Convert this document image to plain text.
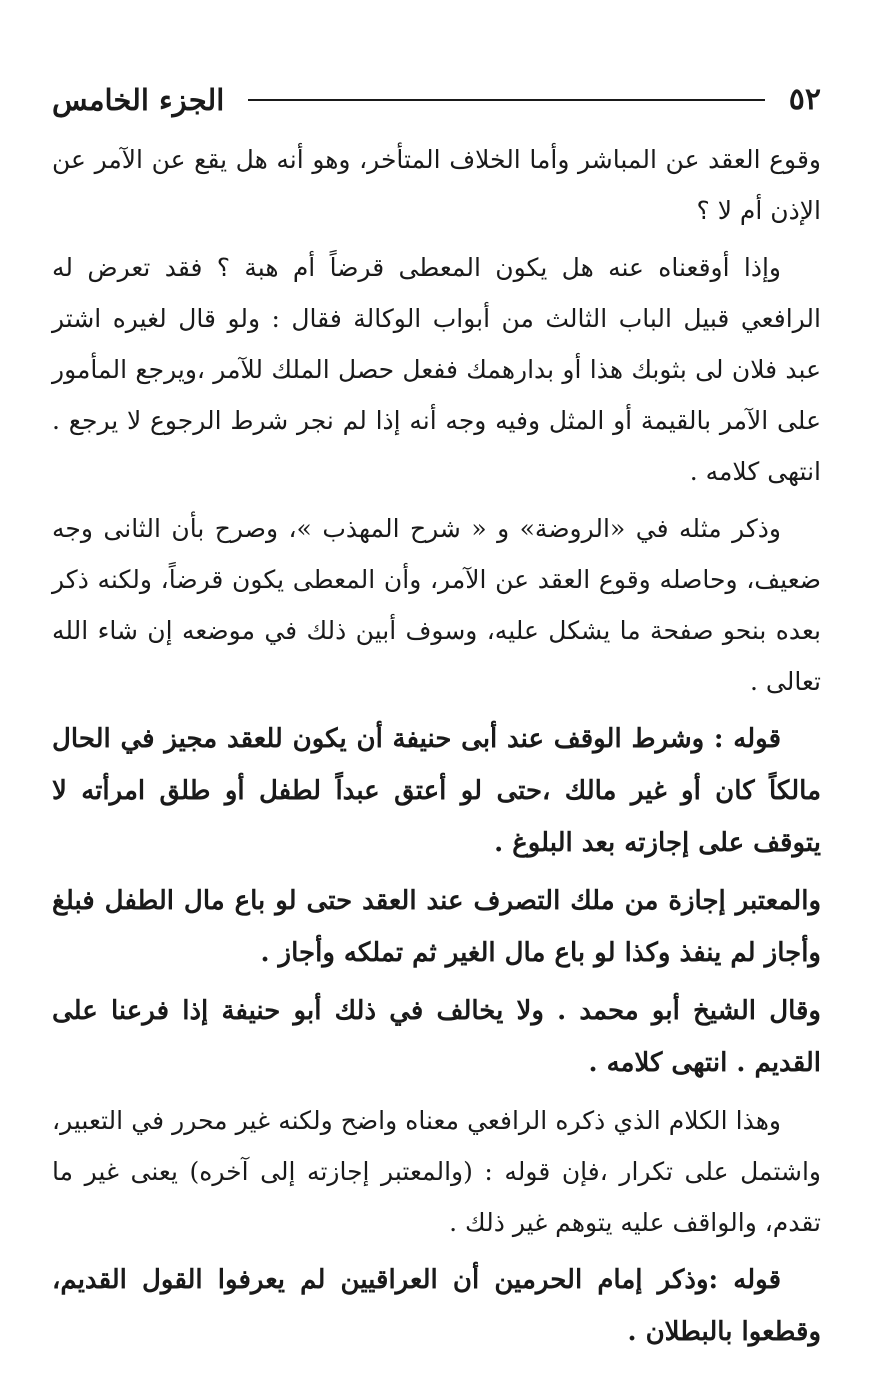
٥٢
الجزء الخامس

وقوع العقد عن المباشر وأما الخلاف المتأخر، وهو أنه هل يقع عن الآمر عن الإذن أم لا ؟

وإذا أوقعناه عنه هل يكون المعطى قرضاً أم هبة ؟ فقد تعرض له الرافعي قبيل الباب الثالث من أبواب الوكالة فقال : ولو قال لغيره اشتر عبد فلان لى بثوبك هذا أو بدارهمك ففعل حصل الملك للآمر ،ويرجع المأمور على الآمر بالقيمة أو المثل وفيه وجه أنه إذا لم نجر شرط الرجوع لا يرجع . انتهى كلامه .

وذكر مثله في «الروضة» و « شرح المهذب »، وصرح بأن الثانى وجه ضعيف، وحاصله وقوع العقد عن الآمر، وأن المعطى يكون قرضاً، ولكنه ذكر بعده بنحو صفحة ما يشكل عليه، وسوف أبين ذلك في موضعه إن شاء الله تعالى .

قوله : وشرط الوقف عند أبى حنيفة أن يكون للعقد مجيز في الحال مالكاً كان أو غير مالك ،حتى لو أعتق عبداً لطفل أو طلق امرأته لا يتوقف على إجازته بعد البلوغ .

والمعتبر إجازة من ملك التصرف عند العقد حتى لو باع مال الطفل فبلغ وأجاز لم ينفذ وكذا لو باع مال الغير ثم تملكه وأجاز .

وقال الشيخ أبو محمد . ولا يخالف في ذلك أبو حنيفة إذا فرعنا على القديم . انتهى كلامه .

وهذا الكلام الذي ذكره الرافعي معناه واضح ولكنه غير محرر في التعبير، واشتمل على تكرار ،فإن قوله : (والمعتبر إجازته إلى آخره) يعنى غير ما تقدم، والواقف عليه يتوهم غير ذلك .

قوله :وذكر إمام الحرمين أن العراقيين لم يعرفوا القول القديم، وقطعوا بالبطلان .
